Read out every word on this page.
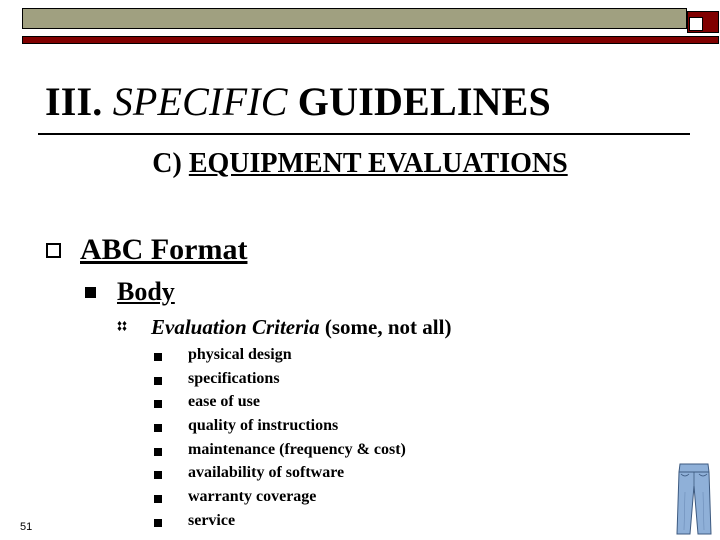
III. SPECIFIC GUIDELINES
C) EQUIPMENT EVALUATIONS
ABC Format
Body
Evaluation Criteria (some, not all)
physical design
specifications
ease of use
quality of instructions
maintenance (frequency & cost)
availability of software
warranty coverage
service
51
